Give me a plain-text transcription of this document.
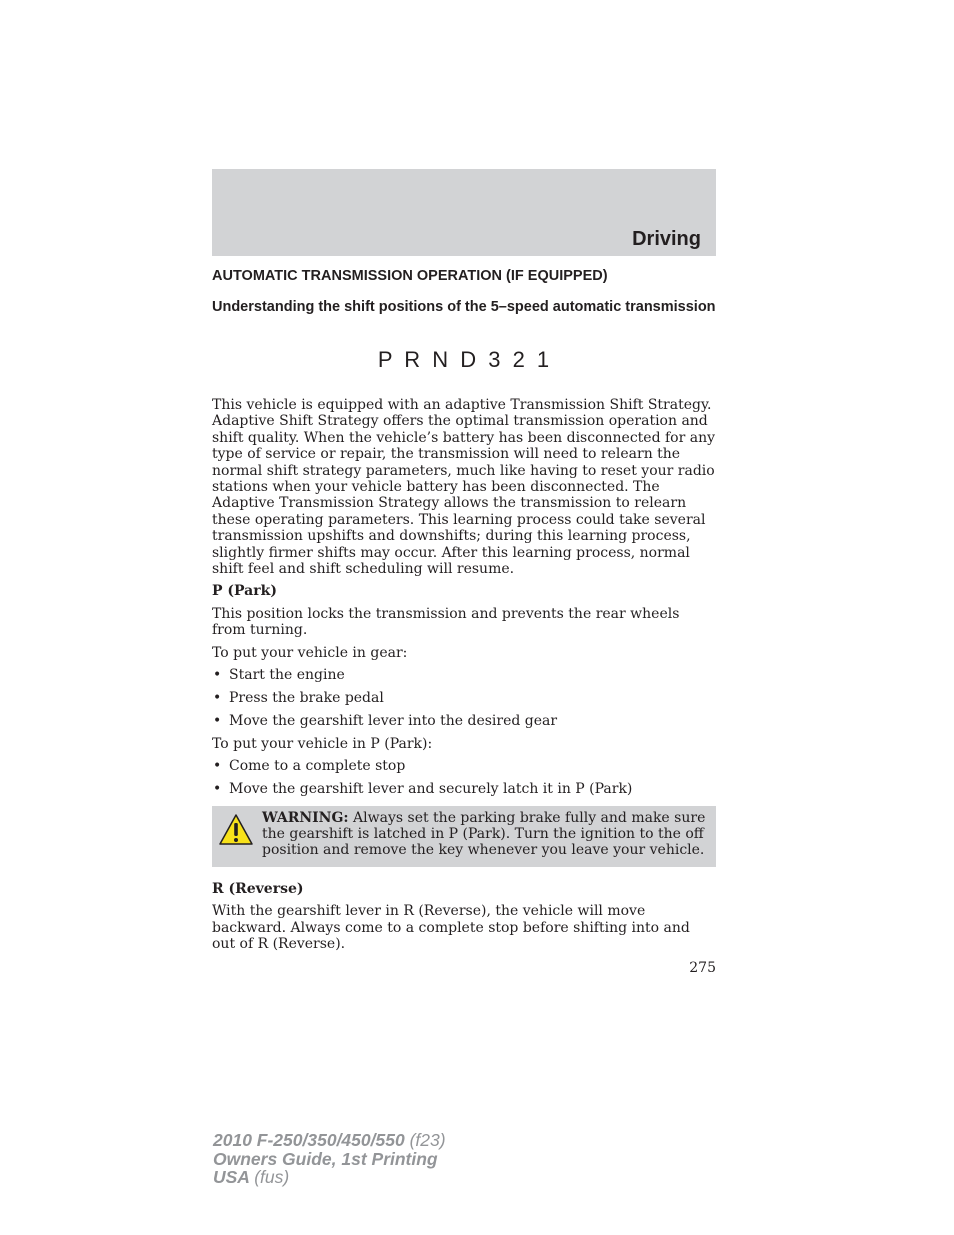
Driving
AUTOMATIC TRANSMISSION OPERATION (IF EQUIPPED)
Understanding the shift positions of the 5–speed automatic transmission
P R N D 3 2 1

This vehicle is equipped with an adaptive Transmission Shift Strategy. Adaptive Shift Strategy offers the optimal transmission operation and shift quality. When the vehicle’s battery has been disconnected for any type of service or repair, the transmission will need to relearn the normal shift strategy parameters, much like having to reset your radio stations when your vehicle battery has been disconnected. The Adaptive Transmission Strategy allows the transmission to relearn these operating parameters. This learning process could take several transmission upshifts and downshifts; during this learning process, slightly firmer shifts may occur. After this learning process, normal shift feel and shift scheduling will resume.

P (Park)

This position locks the transmission and prevents the rear wheels from turning.

To put your vehicle in gear:

• Start the engine
• Press the brake pedal
• Move the gearshift lever into the desired gear

To put your vehicle in P (Park):

• Come to a complete stop
• Move the gearshift lever and securely latch it in P (Park)
WARNING: Always set the parking brake fully and make sure the gearshift is latched in P (Park). Turn the ignition to the off position and remove the key whenever you leave your vehicle.
R (Reverse)

With the gearshift lever in R (Reverse), the vehicle will move backward. Always come to a complete stop before shifting into and out of R (Reverse).

275
2010 F-250/350/450/550 (f23)
Owners Guide, 1st Printing
USA (fus)
